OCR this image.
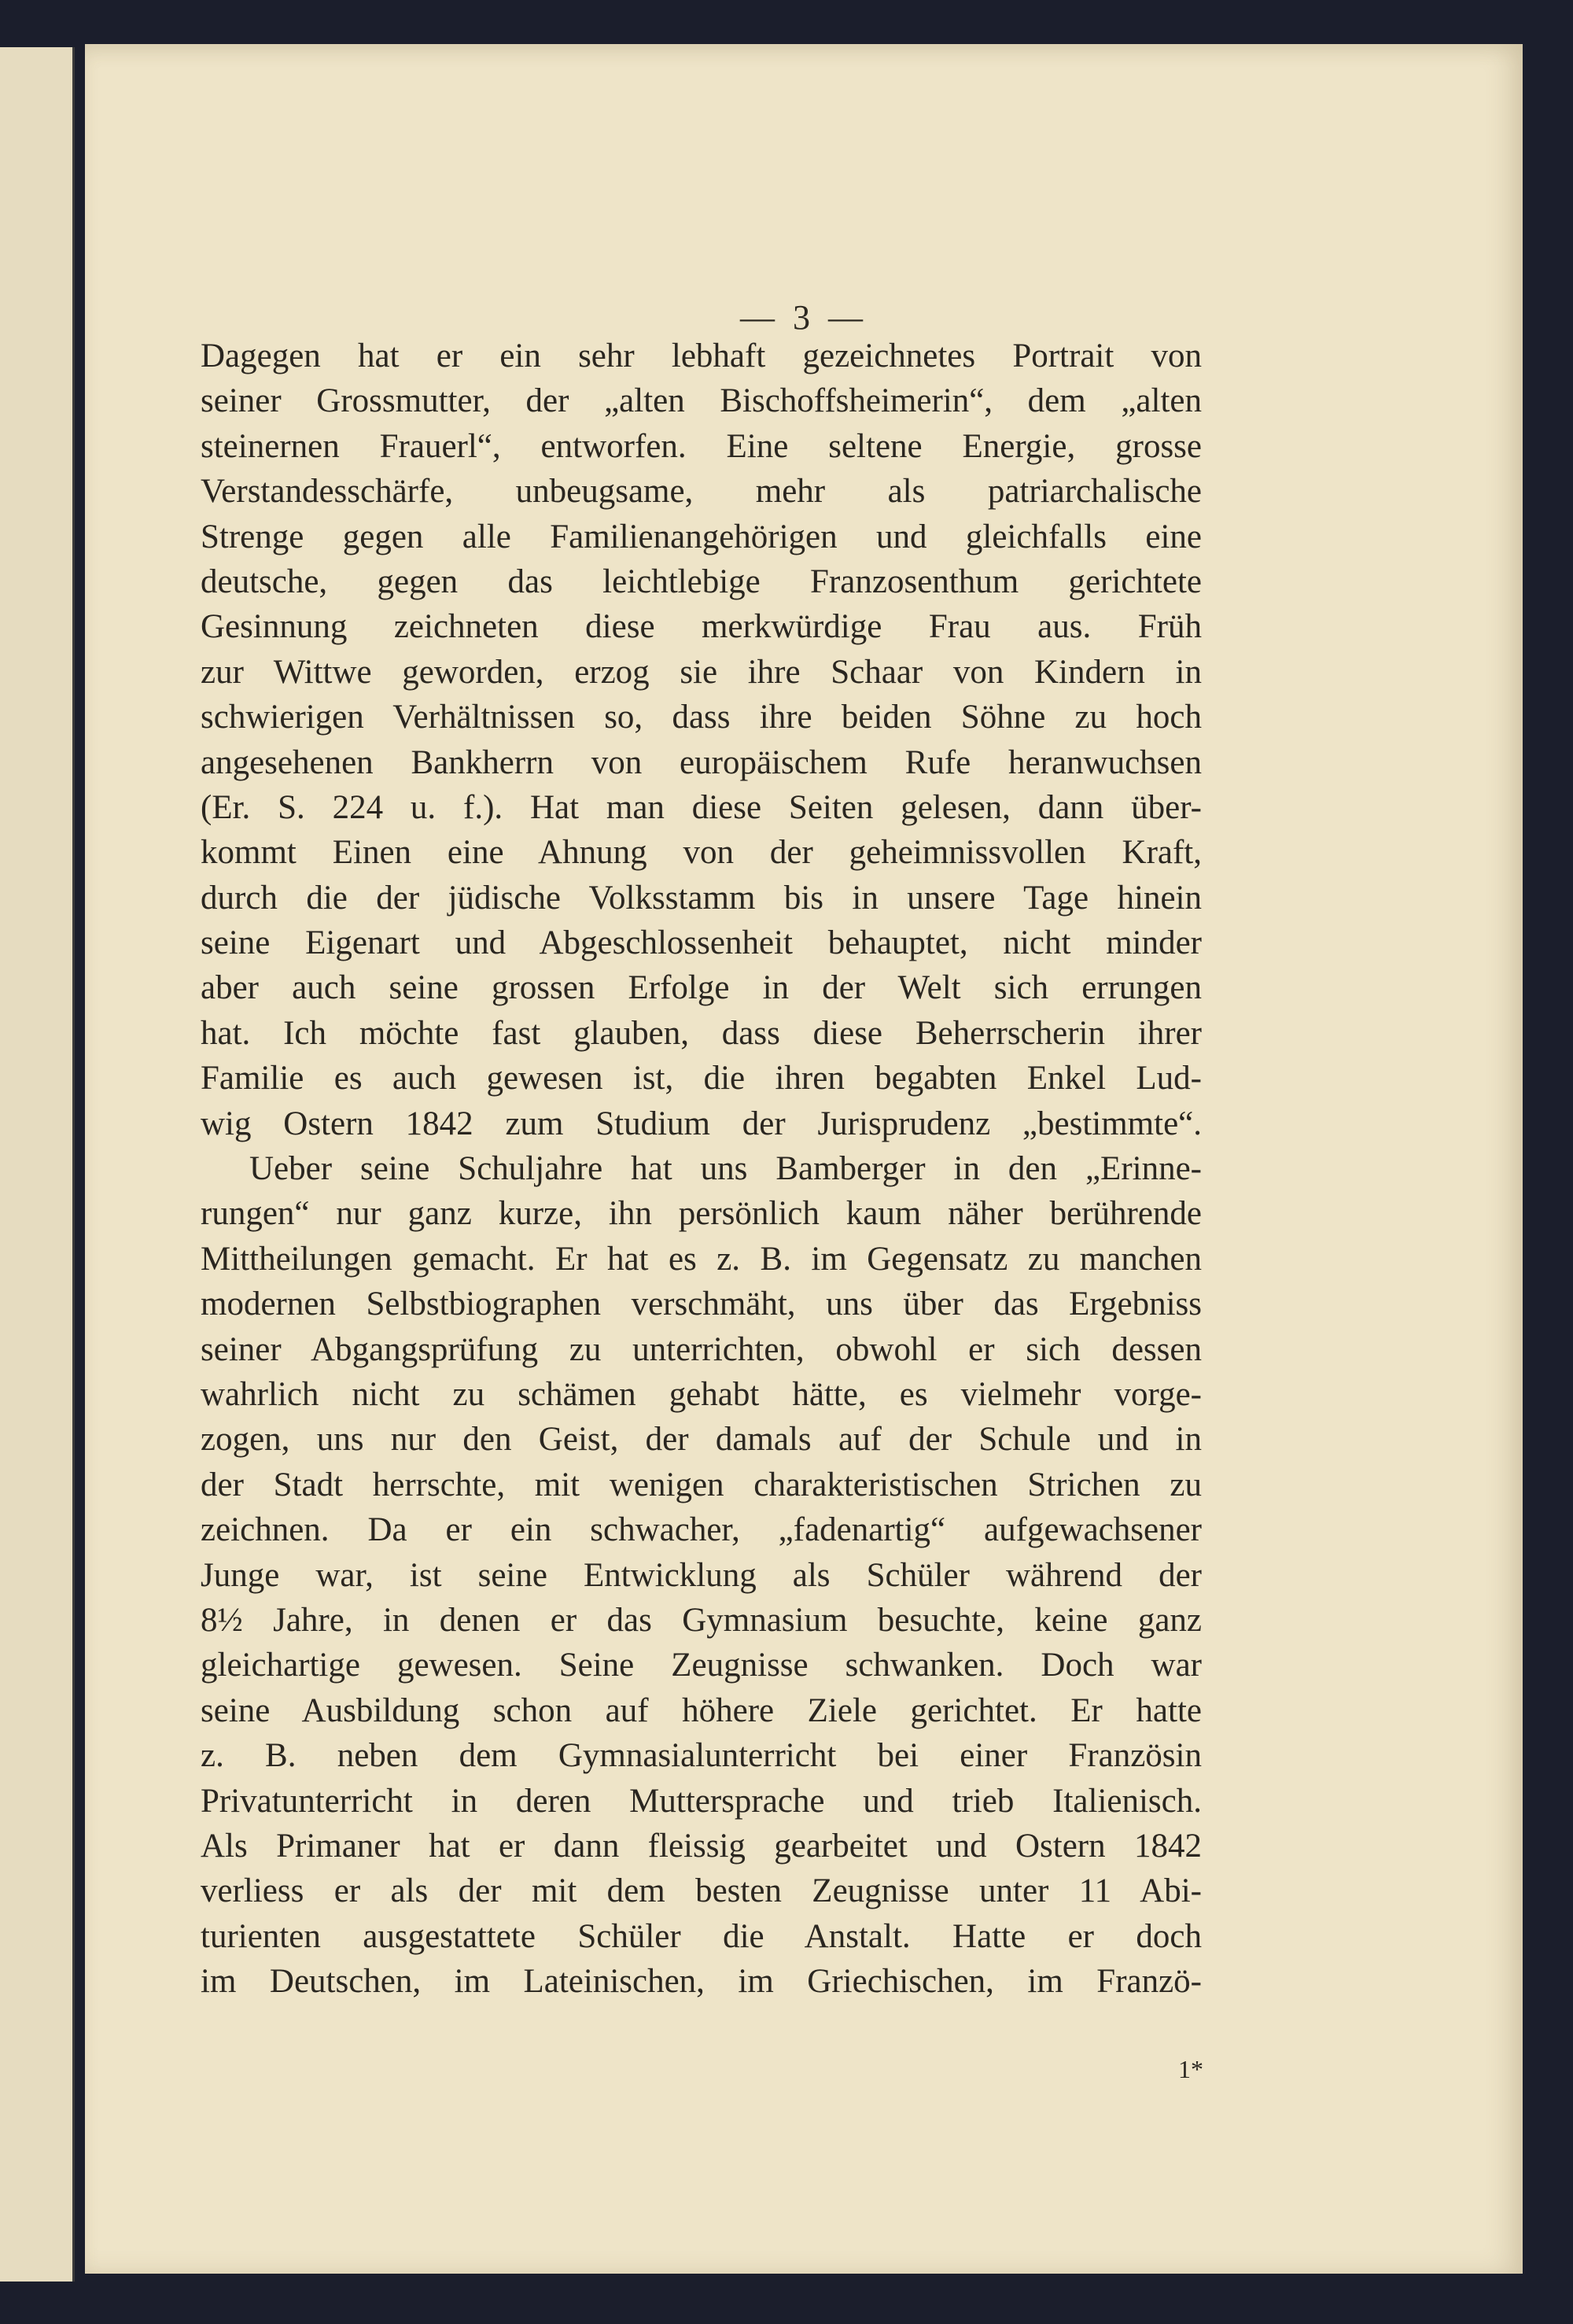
— 3 —
1*
Dagegen hat er ein sehr lebhaft gezeichnetes Portrait von
seiner Grossmutter, der „alten Bischoffsheimerin“, dem „alten
steinernen Frauerl“, entworfen. Eine seltene Energie, grosse
Verstandesschärfe, unbeugsame, mehr als patriarchalische
Strenge gegen alle Familienangehörigen und gleichfalls eine
deutsche, gegen das leichtlebige Franzosenthum gerichtete
Gesinnung zeichneten diese merkwürdige Frau aus. Früh
zur Wittwe geworden, erzog sie ihre Schaar von Kindern in
schwierigen Verhältnissen so, dass ihre beiden Söhne zu hoch
angesehenen Bankherrn von europäischem Rufe heranwuchsen
(Er. S. 224 u. f.). Hat man diese Seiten gelesen, dann über-
kommt Einen eine Ahnung von der geheimnissvollen Kraft,
durch die der jüdische Volksstamm bis in unsere Tage hinein
seine Eigenart und Abgeschlossenheit behauptet, nicht minder
aber auch seine grossen Erfolge in der Welt sich errungen
hat. Ich möchte fast glauben, dass diese Beherrscherin ihrer
Familie es auch gewesen ist, die ihren begabten Enkel Lud-
wig Ostern 1842 zum Studium der Jurisprudenz „bestimmte“.
Ueber seine Schuljahre hat uns Bamberger in den „Erinne-
rungen“ nur ganz kurze, ihn persönlich kaum näher berührende
Mittheilungen gemacht. Er hat es z. B. im Gegensatz zu manchen
modernen Selbstbiographen verschmäht, uns über das Ergebniss
seiner Abgangsprüfung zu unterrichten, obwohl er sich dessen
wahrlich nicht zu schämen gehabt hätte, es vielmehr vorge-
zogen, uns nur den Geist, der damals auf der Schule und in
der Stadt herrschte, mit wenigen charakteristischen Strichen zu
zeichnen. Da er ein schwacher, „fadenartig“ aufgewachsener
Junge war, ist seine Entwicklung als Schüler während der
8½ Jahre, in denen er das Gymnasium besuchte, keine ganz
gleichartige gewesen. Seine Zeugnisse schwanken. Doch war
seine Ausbildung schon auf höhere Ziele gerichtet. Er hatte
z. B. neben dem Gymnasialunterricht bei einer Französin
Privatunterricht in deren Muttersprache und trieb Italienisch.
Als Primaner hat er dann fleissig gearbeitet und Ostern 1842
verliess er als der mit dem besten Zeugnisse unter 11 Abi-
turienten ausgestattete Schüler die Anstalt. Hatte er doch
im Deutschen, im Lateinischen, im Griechischen, im Franzö-
